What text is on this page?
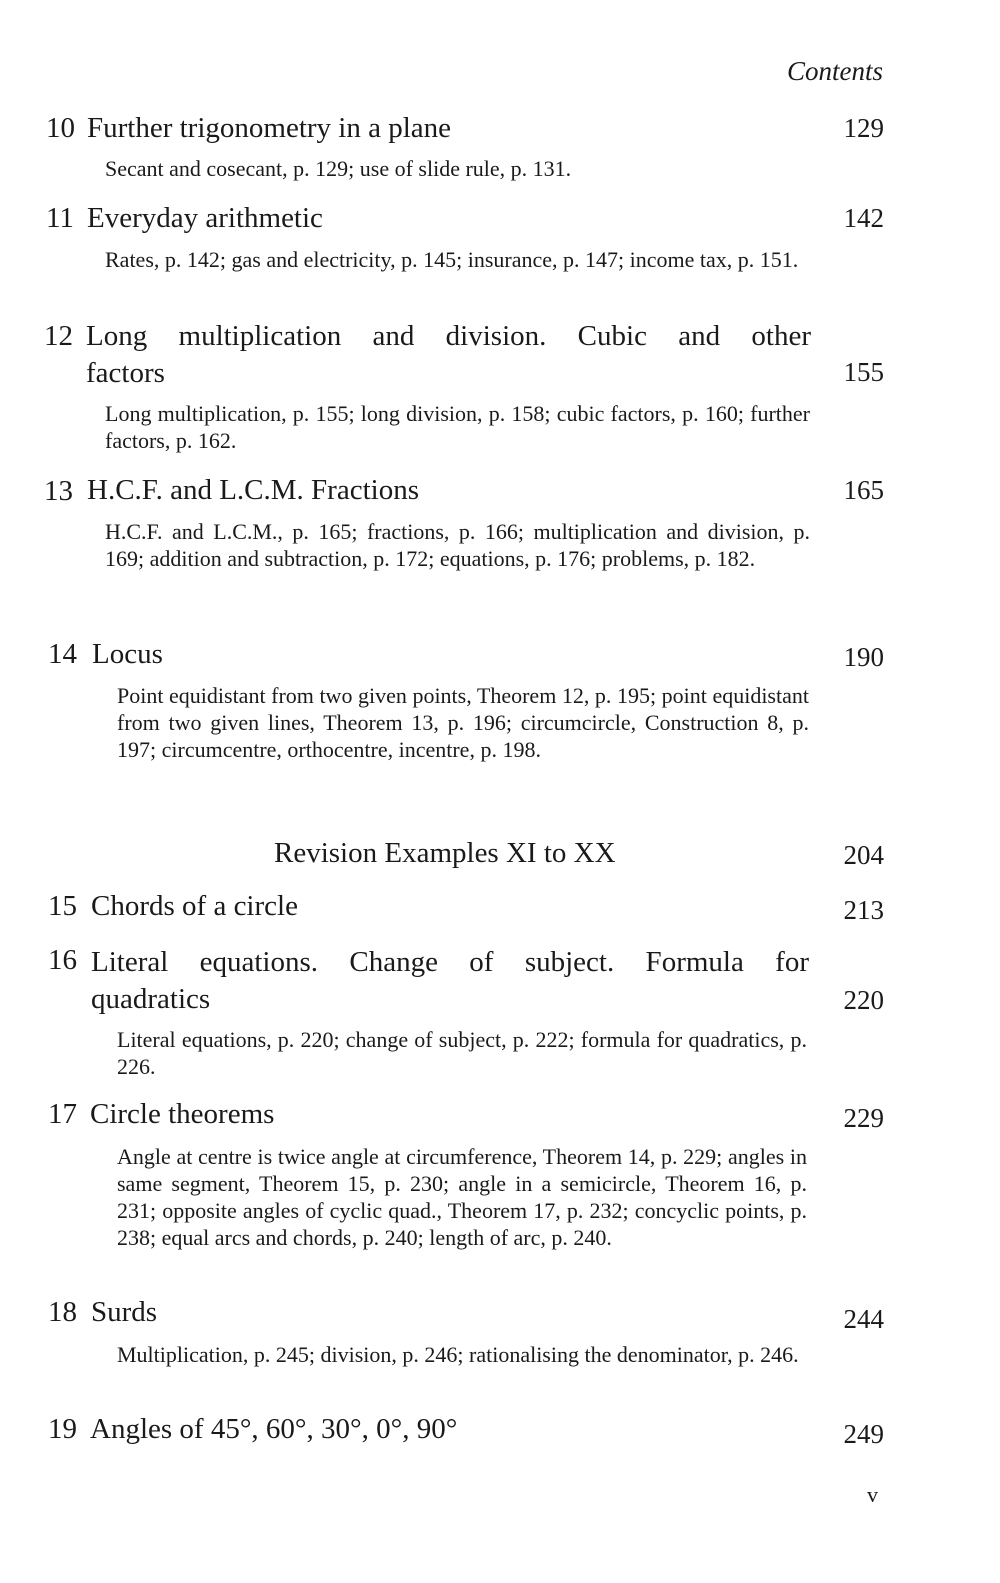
Contents
10 Further trigonometry in a plane	129
Secant and cosecant, p. 129; use of slide rule, p. 131.
11 Everyday arithmetic	142
Rates, p. 142; gas and electricity, p. 145; insurance, p. 147; income tax, p. 151.
12 Long multiplication and division. Cubic and other
factors	155
Long multiplication, p. 155; long division, p. 158; cubic factors, p. 160; further factors, p. 162.
13 H.C.F. and L.C.M. Fractions	165
H.C.F. and L.C.M., p. 165; fractions, p. 166; multiplication and division, p. 169; addition and subtraction, p. 172; equations, p. 176; problems, p. 182.
14 Locus	190
Point equidistant from two given points, Theorem 12, p. 195; point equidistant from two given lines, Theorem 13, p. 196; circumcircle, Construction 8, p. 197; circumcentre, orthocentre, incentre, p. 198.
Revision Examples XI to XX	204
15 Chords of a circle	213
16 Literal equations. Change of subject. Formula for
quadratics	220
Literal equations, p. 220; change of subject, p. 222; formula for quadratics, p. 226.
17 Circle theorems	229
Angle at centre is twice angle at circumference, Theorem 14, p. 229; angles in same segment, Theorem 15, p. 230; angle in a semicircle, Theorem 16, p. 231; opposite angles of cyclic quad., Theorem 17, p. 232; concyclic points, p. 238; equal arcs and chords, p. 240; length of arc, p. 240.
18 Surds	244
Multiplication, p. 245; division, p. 246; rationalising the denominator, p. 246.
19 Angles of 45°, 60°, 30°, 0°, 90°	249
v
